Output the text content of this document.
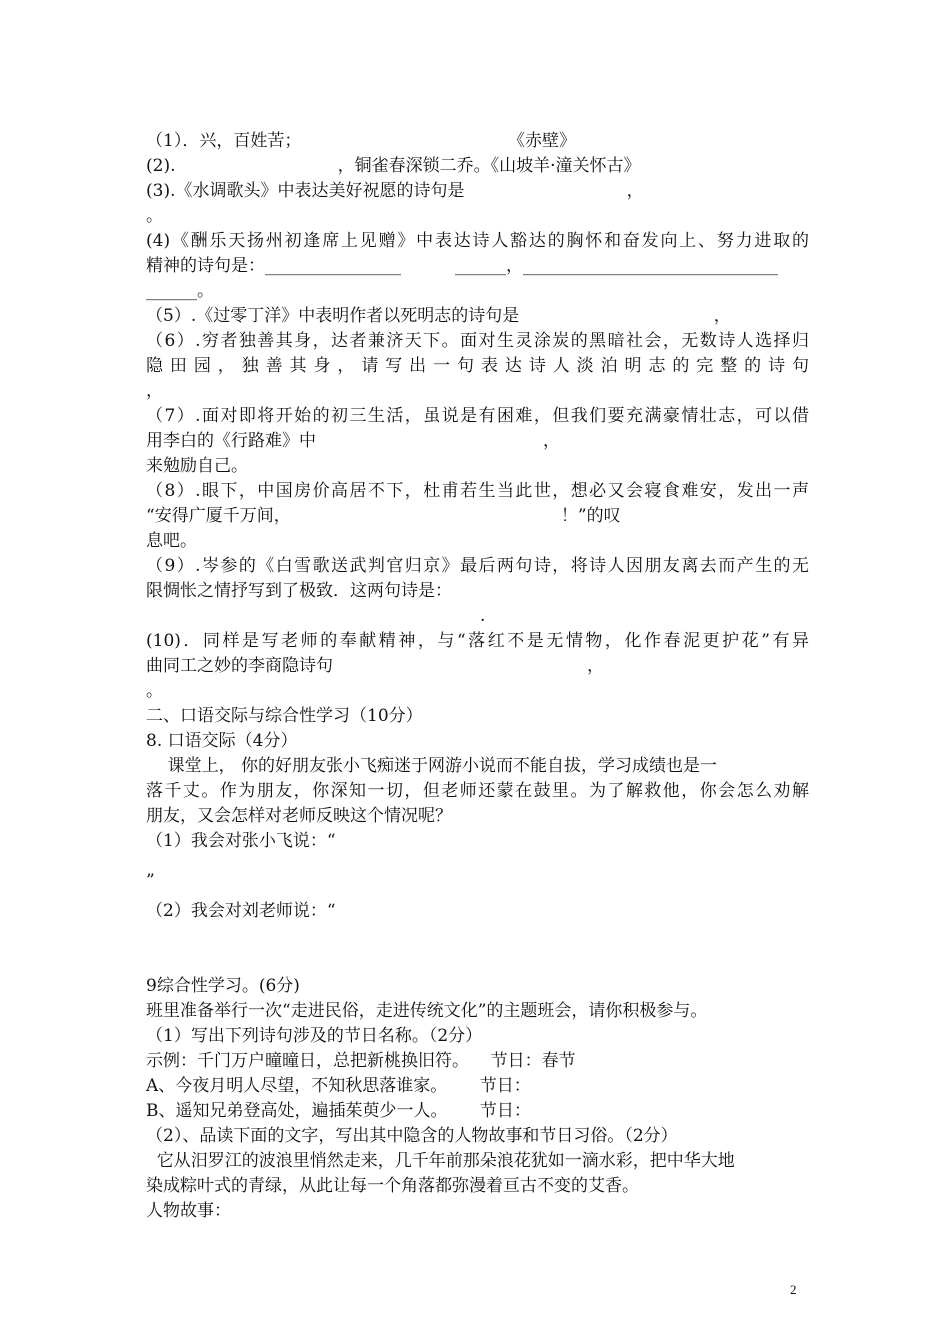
（1）．兴，百姓苦；	《赤壁》
(2).                              ，铜雀春深锁二乔。《山坡羊·潼关怀古》
(3).《水调歌头》中表达美好祝愿的诗句是                              ，
。
(4)《酬乐天扬州初逢席上见赠》中表达诗人豁达的胸怀和奋发向上、努力进取的
精神的诗句是：________________          ______，______________________________
______。
（5）.《过零丁洋》中表明作者以死明志的诗句是                                    ，
（6）.穷者独善其身，达者兼济天下。面对生灵涂炭的黑暗社会，无数诗人选择归
隐田园，独善其身，请写出一句表达诗人淡泊明志的完整的诗句
，
（7）.面对即将开始的初三生活，虽说是有困难，但我们要充满豪情壮志，可以借
用李白的《行路难》中                                          ，
来勉励自己。
（8）.眼下，中国房价高居不下，杜甫若生当此世，想必又会寝食难安，发出一声
“安得广厦千万间，                                                  ！”的叹
息吧。
（9）.岑参的《白雪歌送武判官归京》最后两句诗，将诗人因朋友离去而产生的无
限惆怅之情抒写到了极致．这两句诗是：
.
(10)．同样是写老师的奉献精神，与“落红不是无情物，化作春泥更护花”有异
曲同工之妙的李商隐诗句                                               ，
。
二、口语交际与综合性学习（10分）
8. 口语交际（4分）
课堂上， 你的好朋友张小飞痴迷于网游小说而不能自拔，学习成绩也是一
落千丈。作为朋友，你深知一切，但老师还蒙在鼓里。为了解救他，你会怎么劝解
朋友，又会怎样对老师反映这个情况呢？
（1）我会对张小飞说：“
”
（2）我会对刘老师说：“
9综合性学习。(6分)
班里准备举行一次“走进民俗，走进传统文化”的主题班会，请你积极参与。
（1）写出下列诗句涉及的节日名称。（2分）
示例：千门万户曈曈日，总把新桃换旧符。    节日：春节
A、今夜月明人尽望，不知秋思落谁家。      节日：
B、遥知兄弟登高处，遍插茱萸少一人。      节日：
（2）、品读下面的文字，写出其中隐含的人物故事和节日习俗。（2分）
它从汨罗江的波浪里悄然走来，几千年前那朵浪花犹如一滴水彩，把中华大地
染成粽叶式的青绿，从此让每一个角落都弥漫着亘古不变的艾香。
人物故事：
2
